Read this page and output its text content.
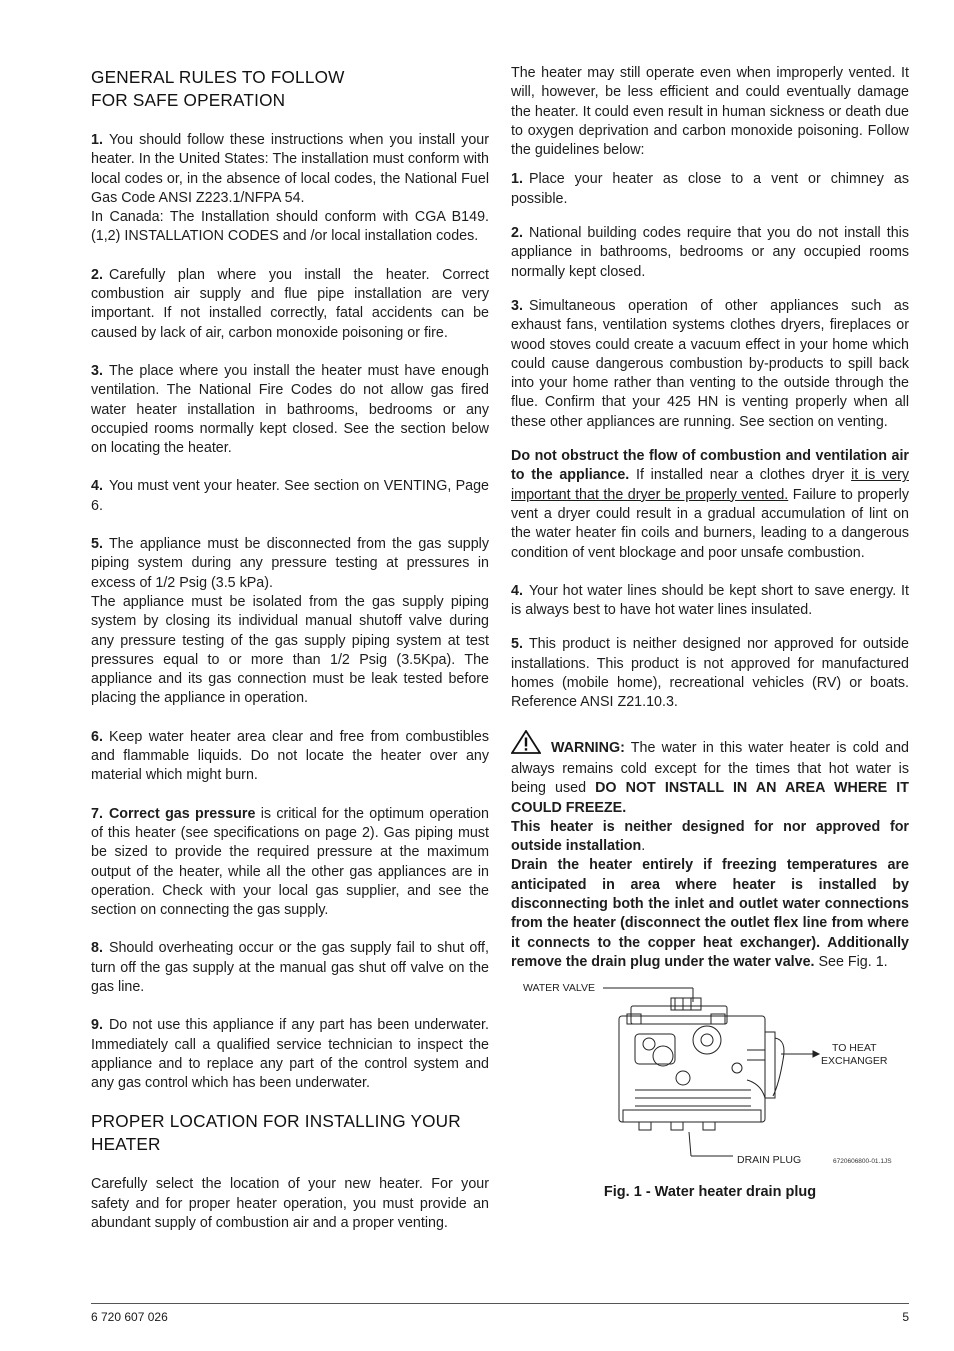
GENERAL RULES TO FOLLOW
FOR SAFE OPERATION

1. You should follow these instructions when you install your heater. In the United States: The installation must conform with local codes or, in the absence of local codes, the National Fuel Gas Code ANSI Z223.1/NFPA 54.

In Canada: The Installation should conform with CGA B149.(1,2) INSTALLATION CODES and /or local installation codes.

2. Carefully plan where you install the heater. Correct combustion air supply and flue pipe installation are very important. If not installed correctly, fatal accidents can be caused by lack of air, carbon monoxide poisoning or fire.

3. The place where you install the heater must have enough ventilation. The National Fire Codes do not allow gas fired water heater installation in bathrooms, bedrooms or any occupied rooms normally kept closed. See the section below on locating the heater.

4. You must vent your heater. See section on VENTING, Page 6.

5. The appliance must be disconnected from the gas supply piping system during any pressure testing at pressures in excess of 1/2 Psig (3.5 kPa).

The appliance must be isolated from the gas supply piping system by closing its individual manual shutoff valve during any pressure testing of the gas supply piping system at test pressures equal to or more than 1/2 Psig (3.5Kpa). The appliance and its gas connection must be leak tested before placing the appliance in operation.

6. Keep water heater area clear and free from combustibles and flammable liquids. Do not locate the heater over any material which might burn.

7. Correct gas pressure is critical for the optimum operation of this heater (see specifications on page 2). Gas piping must be sized to provide the required pressure at the maximum output of the heater, while all the other gas appliances are in operation. Check with your local gas supplier, and see the section on connecting the gas supply.

8. Should overheating occur or the gas supply fail to shut off, turn off the gas supply at the manual gas shut off valve on the gas line.

9. Do not use this appliance if any part has been underwater. Immediately call a qualified service technician to inspect the appliance and to replace any part of the control system and any gas control which has been underwater.

PROPER LOCATION FOR INSTALLING YOUR HEATER

Carefully select the location of your new heater. For your safety and for proper heater operation, you must provide an abundant supply of combustion air and a proper venting.

The heater may still operate even when improperly vented. It will, however, be less efficient and could eventually damage the heater. It could even result in human sickness or death due to oxygen deprivation and carbon monoxide poisoning. Follow the guidelines below:

1. Place your heater as close to a vent or chimney as possible.

2. National building codes require that you do not install this appliance in bathrooms, bedrooms or any occupied rooms normally kept closed.

3. Simultaneous operation of other appliances such as exhaust fans, ventilation systems clothes dryers, fireplaces or wood stoves could create a vacuum effect in your home which could cause dangerous combustion by-products to spill back into your home rather than venting to the outside through the flue. Confirm that your 425 HN is venting properly when all these other appliances are running. See section on venting.

Do not obstruct the flow of combustion and ventilation air to the appliance. If installed near a clothes dryer it is very important that the dryer be properly vented. Failure to properly vent a dryer could result in a gradual accumulation of lint on the water heater fin coils and burners, leading to a dangerous condition of vent blockage and poor unsafe combustion.

4. Your hot water lines should be kept short to save energy. It is always best to have hot water lines insulated.

5. This product is neither designed nor approved for outside installations. This product is not approved for manufactured homes (mobile home), recreational vehicles (RV) or boats. Reference ANSI Z21.10.3.

WARNING: The water in this water heater is cold and always remains cold except for the times that hot water is being used DO NOT INSTALL IN AN AREA WHERE IT COULD FREEZE.

This heater is neither designed for nor approved for outside installation.

Drain the heater entirely if freezing temperatures are anticipated in area where heater is installed by disconnecting both the inlet and outlet water connections from the heater (disconnect the outlet flex line from where it connects to the copper heat exchanger). Additionally remove the drain plug under the water valve. See Fig. 1.

WATER VALVE
TO HEAT
EXCHANGER
DRAIN PLUG	6720606800-01.1JS
Fig. 1 - Water heater drain plug
6 720 607 026	5
